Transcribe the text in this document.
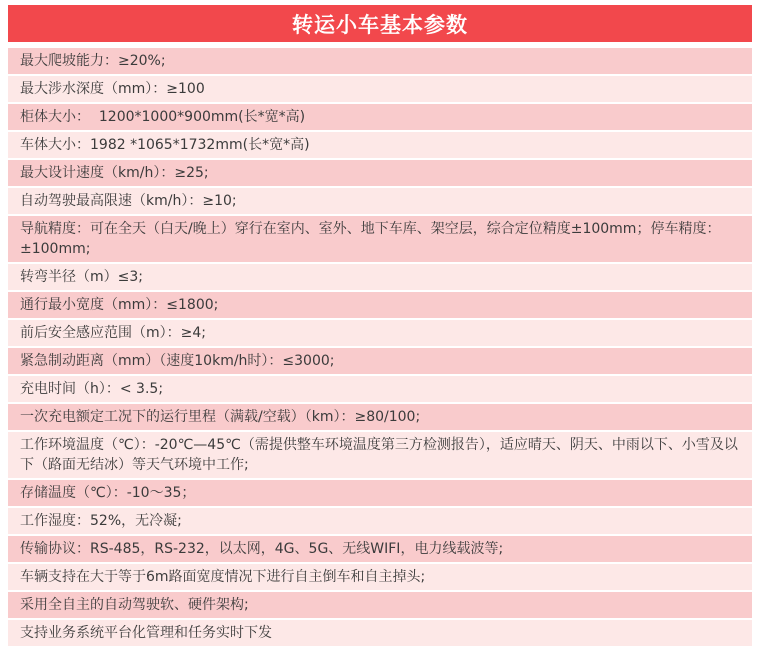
转运小车基本参数
最大爬坡能力：≥20%;
最大涉水深度（mm）：≥100
柜体大小：  1200*1000*900mm(长*宽*高)
车体大小：1982 *1065*1732mm(长*宽*高)
最大设计速度（km/h）：≥25;
自动驾驶最高限速（km/h）：≥10;
导航精度：可在全天（白天/晚上）穿行在室内、室外、地下车库、架空层，综合定位精度±100mm；停车精度：±100mm;
转弯半径（m）≤3;
通行最小宽度（mm）：≤1800;
前后安全感应范围（m）：≥4;
紧急制动距离（mm）（速度10km/h时）：≤3000;
充电时间（h）：< 3.5;
一次充电额定工况下的运行里程（满载/空载）（km）：≥80/100;
工作环境温度（℃）：-20℃—45℃（需提供整车环境温度第三方检测报告），适应晴天、阴天、中雨以下、小雪及以下（路面无结冰）等天气环境中工作;
存储温度（℃）：-10～35；
工作湿度：52%，无冷凝;
传输协议：RS-485，RS-232，以太网，4G、5G、无线WIFI，电力线载波等;
车辆支持在大于等于6m路面宽度情况下进行自主倒车和自主掉头;
采用全自主的自动驾驶软、硬件架构;
支持业务系统平台化管理和任务实时下发
